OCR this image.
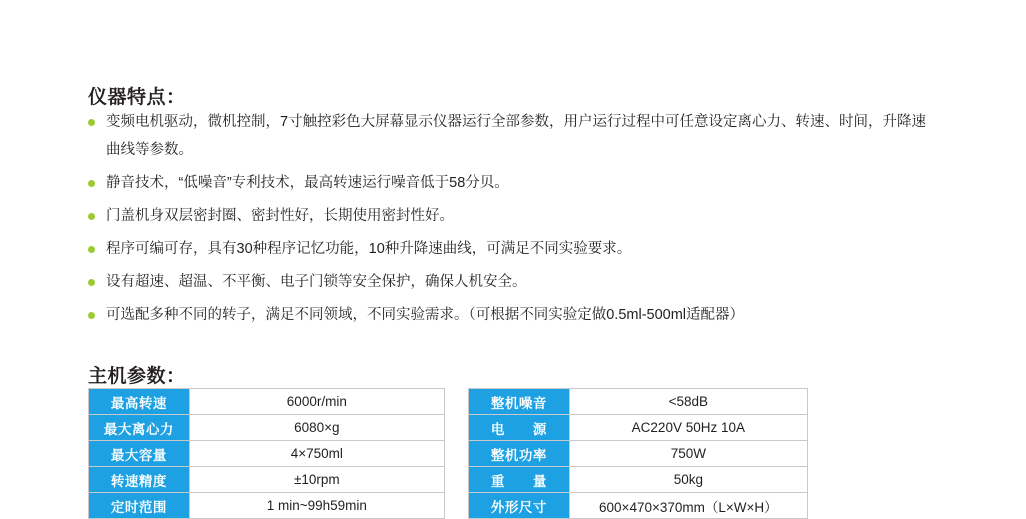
仪器特点：
变频电机驱动，微机控制，7寸触控彩色大屏幕显示仪器运行全部参数，用户运行过程中可任意设定离心力、转速、时间，升降速曲线等参数。
静音技术，“低噪音”专利技术，最高转速运行噪音低于58分贝。
门盖机身双层密封圈、密封性好，长期使用密封性好。
程序可编可存，具有30种程序记忆功能，10种升降速曲线，可满足不同实验要求。
设有超速、超温、不平衡、电子门锁等安全保护，确保人机安全。
可选配多种不同的转子，满足不同领域，不同实验需求。（可根据不同实验定做0.5ml-500ml适配器）
主机参数：
最高转速	6000r/min
最大离心力	6080×g
最大容量	4×750ml
转速精度	±10rpm
定时范围	1 min~99h59min
整机噪音	<58dB
电　　源	AC220V 50Hz 10A
整机功率	750W
重　　量	50kg
外形尺寸	600×470×370mm（L×W×H）
